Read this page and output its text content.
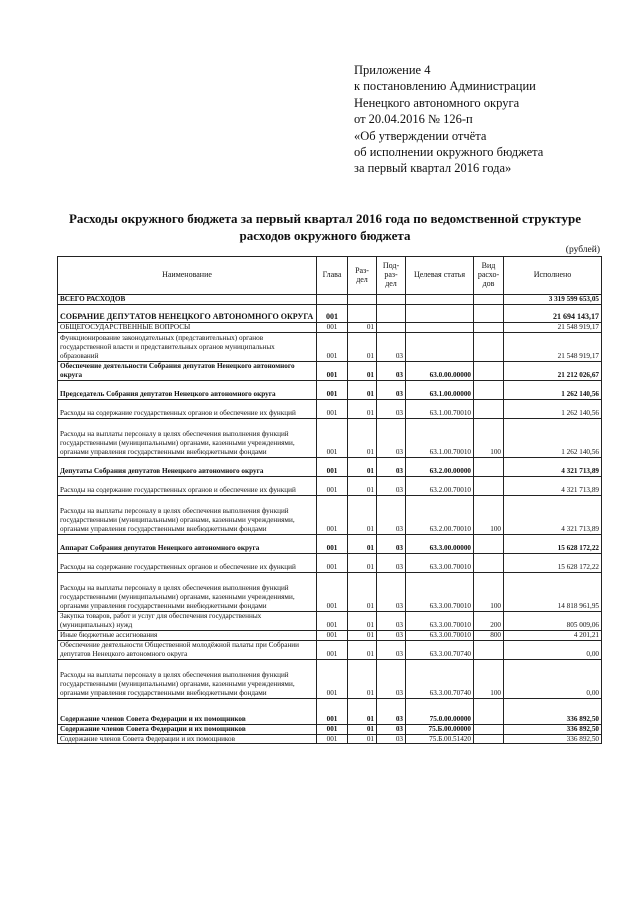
Приложение 4
к постановлению Администрации
Ненецкого автономного округа
от 20.04.2016 № 126-п
«Об утверждении отчёта
об исполнении окружного бюджета
за первый квартал 2016 года»
Расходы окружного бюджета за первый квартал 2016 года по ведомственной структуре
расходов окружного бюджета
(рублей)
Наименование	Глава	Раз- дел	Под- раз- дел	Целевая статья	Вид расхо- дов	Исполнено
ВСЕГО РАСХОДОВ						3 319 599 653,05
СОБРАНИЕ ДЕПУТАТОВ НЕНЕЦКОГО АВТОНОМНОГО ОКРУГА	001					21 694 143,17
ОБЩЕГОСУДАРСТВЕННЫЕ ВОПРОСЫ	001	01				21 548 919,17
Функционирование законодательных (представительных) органов государственной власти и представительных органов муниципальных образований	001	01	03			21 548 919,17
Обеспечение деятельности Собрания депутатов Ненецкого автономного округа	001	01	03	63.0.00.00000		21 212 026,67
Председатель Собрания депутатов Ненецкого автономного округа	001	01	03	63.1.00.00000		1 262 140,56
Расходы на содержание государственных органов и обеспечение их функций	001	01	03	63.1.00.70010		1 262 140,56
Расходы на выплаты персоналу в целях обеспечения выполнения функций государственными (муниципальными) органами, казенными учреждениями, органами управления государственными внебюджетными фондами	001	01	03	63.1.00.70010	100	1 262 140,56
Депутаты Собрания депутатов Ненецкого автономного округа	001	01	03	63.2.00.00000		4 321 713,89
Расходы на содержание государственных органов и обеспечение их функций	001	01	03	63.2.00.70010		4 321 713,89
Расходы на выплаты персоналу в целях обеспечения выполнения функций государственными (муниципальными) органами, казенными учреждениями, органами управления государственными внебюджетными фондами	001	01	03	63.2.00.70010	100	4 321 713,89
Аппарат Собрания депутатов Ненецкого автономного округа	001	01	03	63.3.00.00000		15 628 172,22
Расходы на содержание государственных органов и обеспечение их функций	001	01	03	63.3.00.70010		15 628 172,22
Расходы на выплаты персоналу в целях обеспечения выполнения функций государственными (муниципальными) органами, казенными учреждениями, органами управления государственными внебюджетными фондами	001	01	03	63.3.00.70010	100	14 818 961,95
Закупка товаров, работ и услуг для обеспечения государственных (муниципальных) нужд	001	01	03	63.3.00.70010	200	805 009,06
Иные бюджетные ассигнования	001	01	03	63.3.00.70010	800	4 201,21
Обеспечение деятельности Общественной молодёжной палаты при Собрании депутатов Ненецкого автономного округа	001	01	03	63.3.00.70740		0,00
Расходы на выплаты персоналу в целях обеспечения выполнения функций государственными (муниципальными) органами, казенными учреждениями, органами управления государственными внебюджетными фондами	001	01	03	63.3.00.70740	100	0,00
Содержание членов Совета Федерации и их помощников	001	01	03	75.0.00.00000		336 892,50
Содержание членов Совета Федерации и их помощников	001	01	03	75.Б.00.00000		336 892,50
Содержание членов Совета Федерации и их помощников	001	01	03	75.Б.00.51420		336 892,50
